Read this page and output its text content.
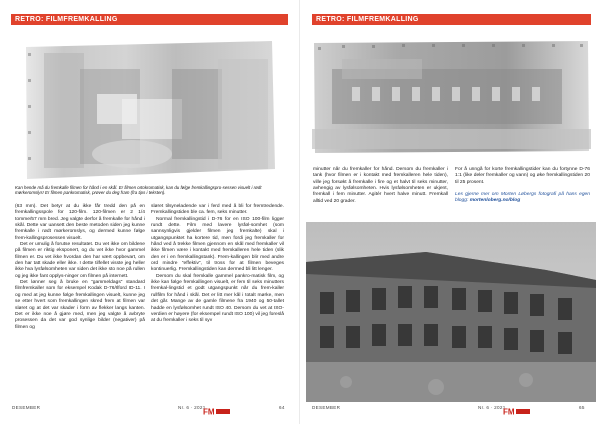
RETRO: FILMFREMKALLING
Kan hende må du fremkalle filmen for hånd i en skål. Er filmen ortokromatisk, kan du følge fremkallingspro-sessen visuelt i rødt mørkeromslys! Er filmen pankromatisk, prøver du deg fram (fra tips i teksten).

(63 mm). Det betyr at du ikke får tredd den på en fremkallingsspole for 120-film. 120-filmen er 2 1/4 tomme/57 mm bred. Jeg valgte derfor å fremkalle for hånd i skål. Dette var uansett den beste metoden siden jeg kunne fremkalle i rødt mørkeromslys, og dermed kunne følge frem-kallingsprosessen visuelt.

Det er umulig å forutse resultatet. Du vet ikke om bildene på filmen er riktig eksponert, og du vet ikke hvor gammel filmen er. Du vet ikke hvordan den har vært oppbevart, om den har tatt skade eller ikke. I dette tilfellet visste jeg heller ikke hva lysfølsomheten var siden det ikke sto noe på rullen og jeg ikke fant opplys-ninger om filmen på internett.

Det lønner seg å bruke en “gammeldags” standard filmfremkaller som for eksempel Kodak D-76/Ilford ID-11. I og med at jeg kunne følge fremkallingen visuelt, kunne jeg se etter hvert som fremkallingen skred frem at filmen var sløret og at det var skader i form av flekker langs kanten. Det er ikke noe å gjøre med, men jeg valgte å avbryte prosessen da det var god synlige bilder (negativer) på filmen og

sløret tilsyneladende var i ferd med å bli for fremtredende. Fremkallingstiden ble ca. fem, seks minutter.

Normal fremkallingstid i D-76 for en ISO 100-film ligger rundt dette. Film med lavere lysføl-somhet (som sannsynligvis gjelder filmen jeg fremkalte) skal i utgangspunktet ha kortere tid, men fordi jeg fremkaller for hånd ved å trekke filmen gjennom en skål med fremkaller vil ikke filmen være i kontakt med fremkalleren hele tiden (slik den er i en fremkallingstank). Frem-kallingen blir med andre ord mindre “effektiv”, til tross for at filmen beveges kontinuerlig. Fremkallingstiden kan dermed bli litt lenger.

Dersom du skal fremkalle gammel pankro-matisk film, og ikke kan følge fremkallingen visuelt, er fem til seks minutters fremkal-lingstid et godt utgangspunkt når du frem-kaller rullfilm for hånd i skål. Det er litt mer kål i totalt mørke, men det går. Mange av de gamle filmene fra 1940 og 50-tallet hadde en lysfølsomhet rundt ISO 40. Dersom du vet at ISO-verdien er høyere (for eksempel rundt ISO 100) vil jeg foreslå at du fremkaller i seks til syv

DESEMBER	Nr. 6 · 2021
FM	64
RETRO: FILMFREMKALLING

minutter når du fremkaller for hånd. Dersom du fremkaller i tank (hvor filmen er i kontakt med fremkalleren hele tiden), ville jeg forsøkt å fremkalle i fire og et halvt til seks minutter, avhengig av lysfølsomheten. Hvis lysfølsomheten er ukjent, fremkall i fem minutter. Agitér hvert halve minutt. Fremkall alltid ved 20 grader.

For å unngå for korte fremkallingstider kan du fortynne D-76 1:1 (like deler fremkaller og vann) og øke fremkallingstiden 20 til 25 prosent.

Les gjerne mer om Morten Løbergs fotografi på hans egen blogg: mortenloberg.no/blog

DESEMBER	Nr. 6 · 2021
FM	65
